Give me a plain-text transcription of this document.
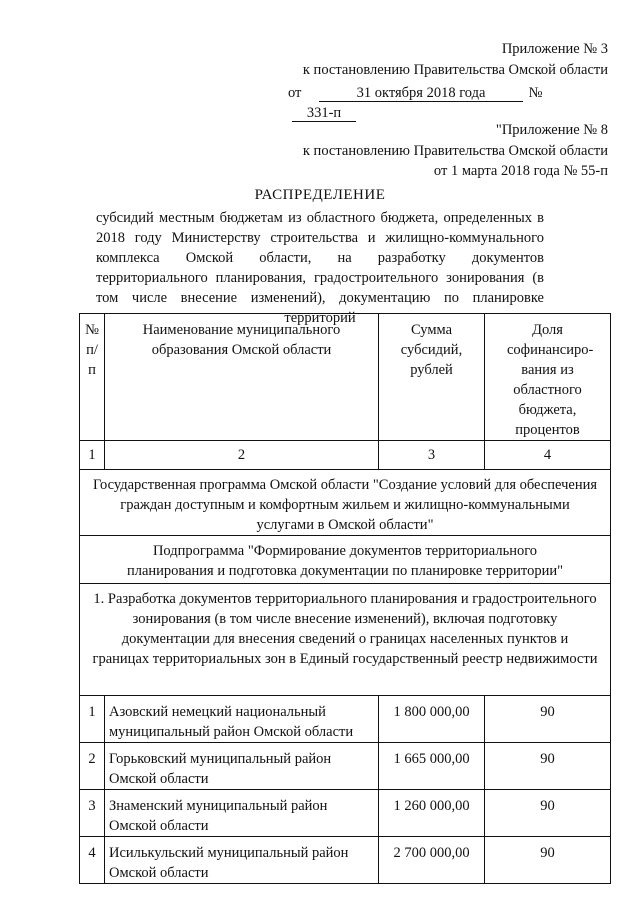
Приложение № 3
к постановлению Правительства Омской области
от	31 октября 2018 года	№ 331-п
"Приложение № 8
к постановлению Правительства Омской области
от 1 марта 2018 года № 55-п
РАСПРЕДЕЛЕНИЕ
субсидий местным бюджетам из областного бюджета, определенных в 2018 году Министерству строительства и жилищно-коммунального комплекса Омской области, на разработку документов территориального планирования, градостроительного зонирования (в том числе внесение изменений), документацию по планировке территорий
№ п/п	Наименование муниципального образования Омской области	Сумма субсидий, рублей	Доля софинансиро-вания из областного бюджета, процентов
1	2	3	4
Государственная программа Омской области "Создание условий для обеспечения граждан доступным и комфортным жильем и жилищно-коммунальными услугами в Омской области"			
Подпрограмма "Формирование документов территориального планирования и подготовка документации по планировке территории"			
1. Разработка документов территориального планирования и градостроительного зонирования (в том числе внесение изменений), включая подготовку документации для внесения сведений о границах населенных пунктов и границах территориальных зон в Единый государственный реестр недвижимости			
1	Азовский немецкий национальный муниципальный район Омской области	1 800 000,00	90
2	Горьковский муниципальный район Омской области	1 665 000,00	90
3	Знаменский муниципальный район Омской области	1 260 000,00	90
4	Исилькульский муниципальный район Омской области	2 700 000,00	90
